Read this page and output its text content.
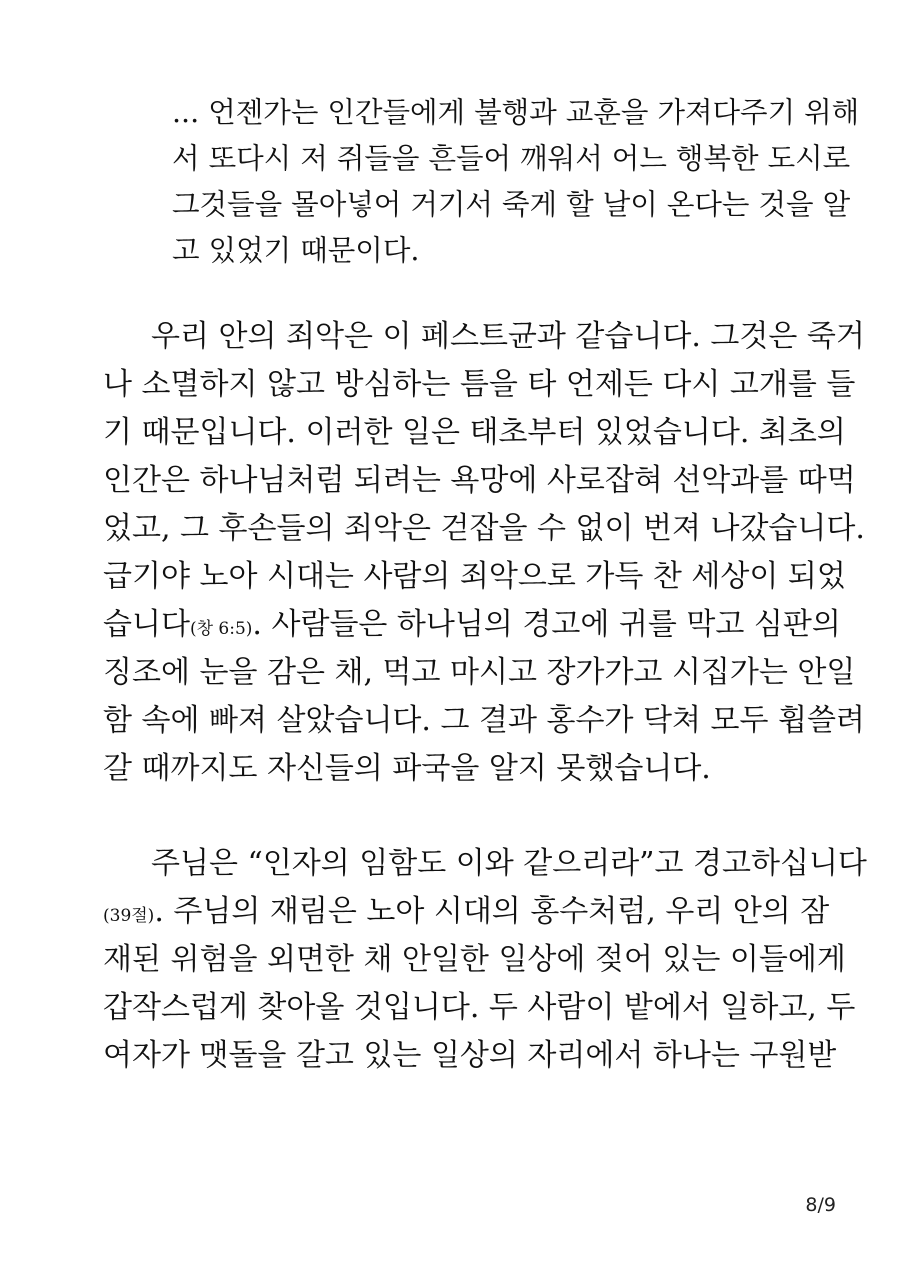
... 언젠가는 인간들에게 불행과 교훈을 가져다주기 위해
서 또다시 저 쥐들을 흔들어 깨워서 어느 행복한 도시로
그것들을 몰아넣어 거기서 죽게 할 날이 온다는 것을 알
고 있었기 때문이다.
우리 안의 죄악은 이 페스트균과 같습니다. 그것은 죽거
나 소멸하지 않고 방심하는 틈을 타 언제든 다시 고개를 들
기 때문입니다. 이러한 일은 태초부터 있었습니다. 최초의
인간은 하나님처럼 되려는 욕망에 사로잡혀 선악과를 따먹
었고, 그 후손들의 죄악은 걷잡을 수 없이 번져 나갔습니다.
급기야 노아 시대는 사람의 죄악으로 가득 찬 세상이 되었
습니다(창 6:5). 사람들은 하나님의 경고에 귀를 막고 심판의
징조에 눈을 감은 채, 먹고 마시고 장가가고 시집가는 안일
함 속에 빠져 살았습니다. 그 결과 홍수가 닥쳐 모두 휩쓸려
갈 때까지도 자신들의 파국을 알지 못했습니다.
주님은 “인자의 임함도 이와 같으리라”고 경고하십니다
(39절). 주님의 재림은 노아 시대의 홍수처럼, 우리 안의 잠
재된 위험을 외면한 채 안일한 일상에 젖어 있는 이들에게
갑작스럽게 찾아올 것입니다. 두 사람이 밭에서 일하고, 두
여자가 맷돌을 갈고 있는 일상의 자리에서 하나는 구원받
8/9
